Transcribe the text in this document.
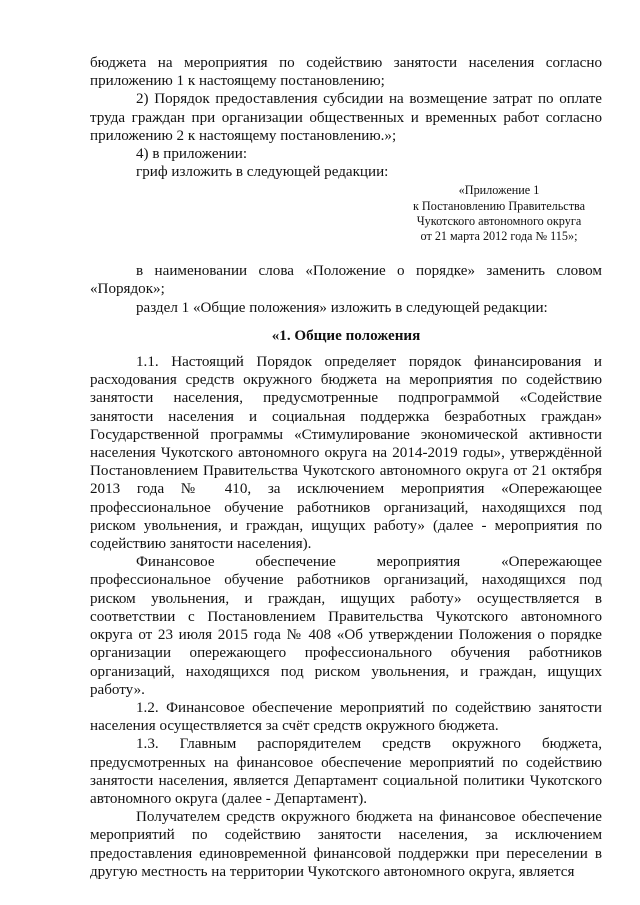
бюджета на мероприятия по содействию занятости населения согласно приложению 1 к настоящему постановлению;

2) Порядок предоставления субсидии на возмещение затрат по оплате труда граждан при организации общественных и временных работ согласно приложению 2 к настоящему постановлению.»;

4) в приложении:

гриф изложить в следующей редакции:

«Приложение 1
к Постановлению Правительства
Чукотского автономного округа
от 21 марта 2012 года № 115»;

в наименовании слова «Положение о порядке» заменить словом «Порядок»;

раздел 1 «Общие положения» изложить в следующей редакции:

«1. Общие положения

1.1. Настоящий Порядок определяет порядок финансирования и расходования средств окружного бюджета на мероприятия по содействию занятости населения, предусмотренные подпрограммой «Содействие занятости населения и социальная поддержка безработных граждан» Государственной программы «Стимулирование экономической активности населения Чукотского автономного округа на 2014-2019 годы», утверждённой Постановлением Правительства Чукотского автономного округа от 21 октября 2013 года № 410, за исключением мероприятия «Опережающее профессиональное обучение работников организаций, находящихся под риском увольнения, и граждан, ищущих работу» (далее - мероприятия по содействию занятости населения).

Финансовое обеспечение мероприятия «Опережающее профессиональное обучение работников организаций, находящихся под риском увольнения, и граждан, ищущих работу» осуществляется в соответствии с Постановлением Правительства Чукотского автономного округа от 23 июля 2015 года № 408 «Об утверждении Положения о порядке организации опережающего профессионального обучения работников организаций, находящихся под риском увольнения, и граждан, ищущих работу».

1.2. Финансовое обеспечение мероприятий по содействию занятости населения осуществляется за счёт средств окружного бюджета.

1.3. Главным распорядителем средств окружного бюджета, предусмотренных на финансовое обеспечение мероприятий по содействию занятости населения, является Департамент социальной политики Чукотского автономного округа (далее - Департамент).

Получателем средств окружного бюджета на финансовое обеспечение мероприятий по содействию занятости населения, за исключением предоставления единовременной финансовой поддержки при переселении в другую местность на территории Чукотского автономного округа, является
